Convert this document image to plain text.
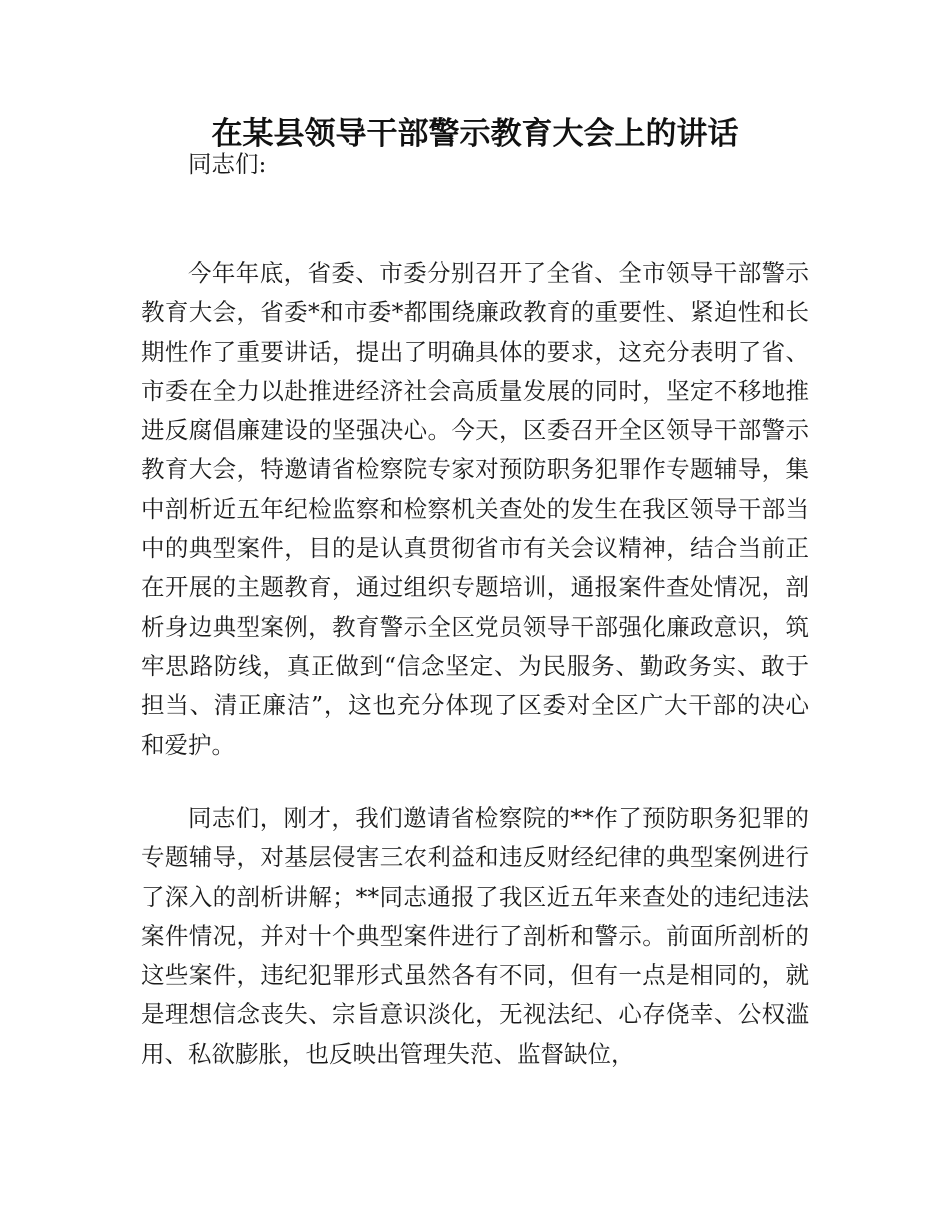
在某县领导干部警示教育大会上的讲话

同志们:

今年年底，省委、市委分别召开了全省、全市领导干部警示教育大会，省委*和市委*都围绕廉政教育的重要性、紧迫性和长期性作了重要讲话，提出了明确具体的要求，这充分表明了省、市委在全力以赴推进经济社会高质量发展的同时，坚定不移地推进反腐倡廉建设的坚强决心。今天，区委召开全区领导干部警示教育大会，特邀请省检察院专家对预防职务犯罪作专题辅导，集中剖析近五年纪检监察和检察机关查处的发生在我区领导干部当中的典型案件，目的是认真贯彻省市有关会议精神，结合当前正在开展的主题教育，通过组织专题培训，通报案件查处情况，剖析身边典型案例，教育警示全区党员领导干部强化廉政意识，筑牢思路防线，真正做到“信念坚定、为民服务、勤政务实、敢于担当、清正廉洁”，这也充分体现了区委对全区广大干部的决心和爱护。

同志们，刚才，我们邀请省检察院的**作了预防职务犯罪的专题辅导，对基层侵害三农利益和违反财经纪律的典型案例进行了深入的剖析讲解；**同志通报了我区近五年来查处的违纪违法案件情况，并对十个典型案件进行了剖析和警示。前面所剖析的这些案件，违纪犯罪形式虽然各有不同，但有一点是相同的，就是理想信念丧失、宗旨意识淡化，无视法纪、心存侥幸、公权滥用、私欲膨胀，也反映出管理失范、监督缺位，
